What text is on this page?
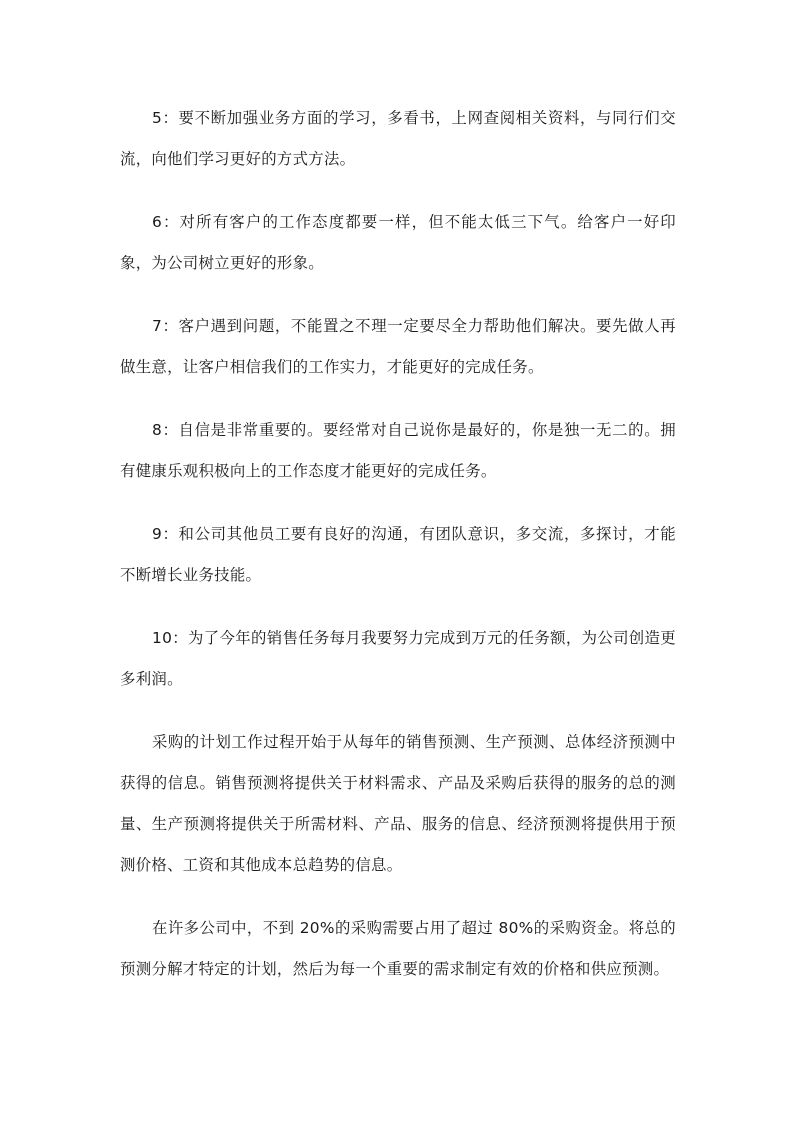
5：要不断加强业务方面的学习，多看书，上网查阅相关资料，与同行们交流，向他们学习更好的方式方法。

6：对所有客户的工作态度都要一样，但不能太低三下气。给客户一好印象，为公司树立更好的形象。

7：客户遇到问题，不能置之不理一定要尽全力帮助他们解决。要先做人再做生意，让客户相信我们的工作实力，才能更好的完成任务。

8：自信是非常重要的。要经常对自己说你是最好的，你是独一无二的。拥有健康乐观积极向上的工作态度才能更好的完成任务。

9：和公司其他员工要有良好的沟通，有团队意识，多交流，多探讨，才能不断增长业务技能。

10：为了今年的销售任务每月我要努力完成到万元的任务额，为公司创造更多利润。

采购的计划工作过程开始于从每年的销售预测、生产预测、总体经济预测中获得的信息。销售预测将提供关于材料需求、产品及采购后获得的服务的总的测量、生产预测将提供关于所需材料、产品、服务的信息、经济预测将提供用于预测价格、工资和其他成本总趋势的信息。

在许多公司中，不到 20%的采购需要占用了超过 80%的采购资金。将总的预测分解才特定的计划，然后为每一个重要的需求制定有效的价格和供应预测。
